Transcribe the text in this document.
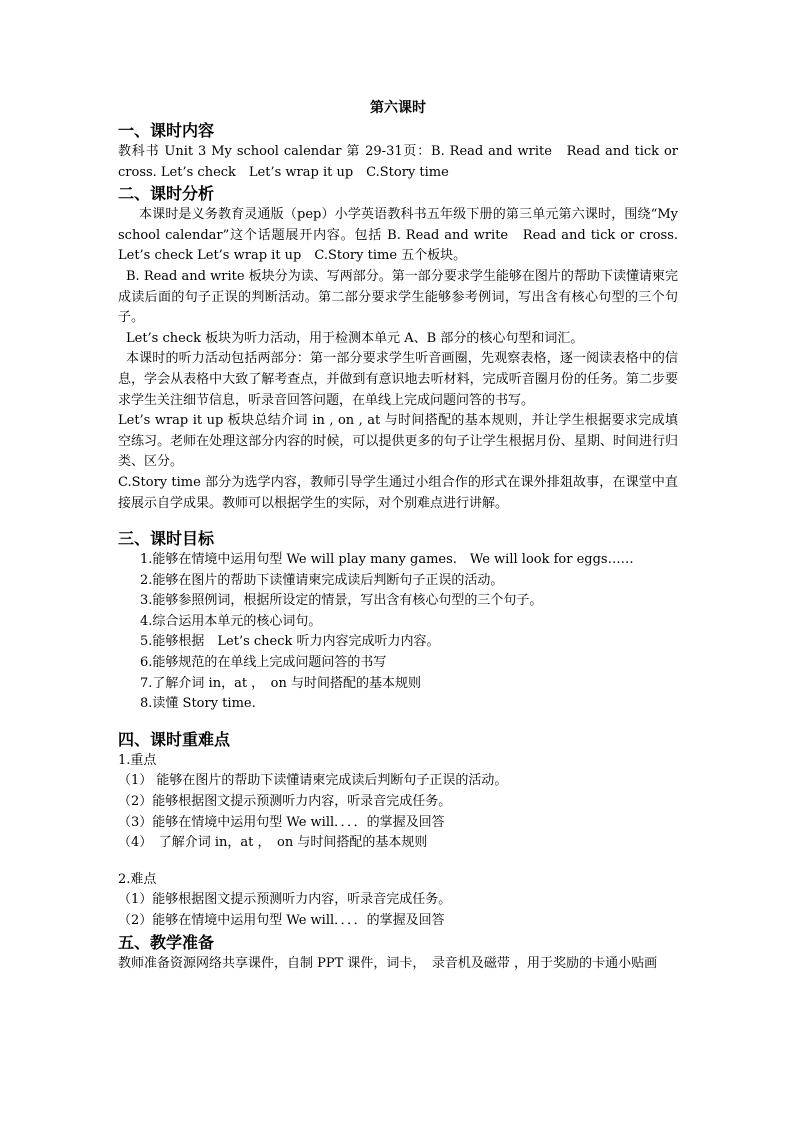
第六课时

一、课时内容

教科书 Unit 3 My school calendar 第 29-31页：B. Read and write　Read and tick or cross. Let’s check　Let’s wrap it up　C.Story time

二、课时分析

本课时是义务教育灵通版（pep）小学英语教科书五年级下册的第三单元第六课时，围绕“My school calendar”这个话题展开内容。包括 B. Read and write　Read and tick or cross. Let’s check Let’s wrap it up　C.Story time 五个板块。

B. Read and write 板块分为读、写两部分。第一部分要求学生能够在图片的帮助下读懂请柬完成读后面的句子正误的判断活动。第二部分要求学生能够参考例词，写出含有核心句型的三个句子。

Let’s check 板块为听力活动，用于检测本单元 A、B 部分的核心句型和词汇。

本课时的听力活动包括两部分：第一部分要求学生听音画圈，先观察表格，逐一阅读表格中的信息，学会从表格中大致了解考查点，并做到有意识地去听材料，完成听音圈月份的任务。第二步要求学生关注细节信息，听录音回答问题，在单线上完成问题问答的书写。

Let’s wrap it up 板块总结介词 in , on , at 与时间搭配的基本规则，并让学生根据要求完成填空练习。老师在处理这部分内容的时候，可以提供更多的句子让学生根据月份、星期、时间进行归类、区分。

C.Story time 部分为选学内容，教师引导学生通过小组合作的形式在课外排爼故事，在课堂中直接展示自学成果。教师可以根据学生的实际，对个别难点进行讲解。

三、课时目标

1.能够在情境中运用句型 We will play many games.　We will look for eggs……

2.能够在图片的帮助下读懂请柬完成读后判断句子正误的活动。

3.能够参照例词，根据所设定的情景，写出含有核心句型的三个句子。

4.综合运用本单元的核心词句。

5.能够根据　Let’s check 听力内容完成听力内容。

6.能够规范的在单线上完成问题问答的书写

7.了解介词 in，at ，　on 与时间搭配的基本规则

8.读懂 Story time.

四、课时重难点

1.重点

（1） 能够在图片的帮助下读懂请柬完成读后判断句子正误的活动。

（2）能够根据图文提示预测听力内容，听录音完成任务。

（3）能够在情境中运用句型 We will．．．．的掌握及回答

（4）　了解介词 in，at ，　on 与时间搭配的基本规则

2.难点

（1）能够根据图文提示预测听力内容，听录音完成任务。

（2）能够在情境中运用句型 We will．．．．的掌握及回答

五、教学准备

教师准备资源网络共享课件，自制 PPT 课件，词卡，　录音机及磁带 ，用于奖励的卡通小贴画
